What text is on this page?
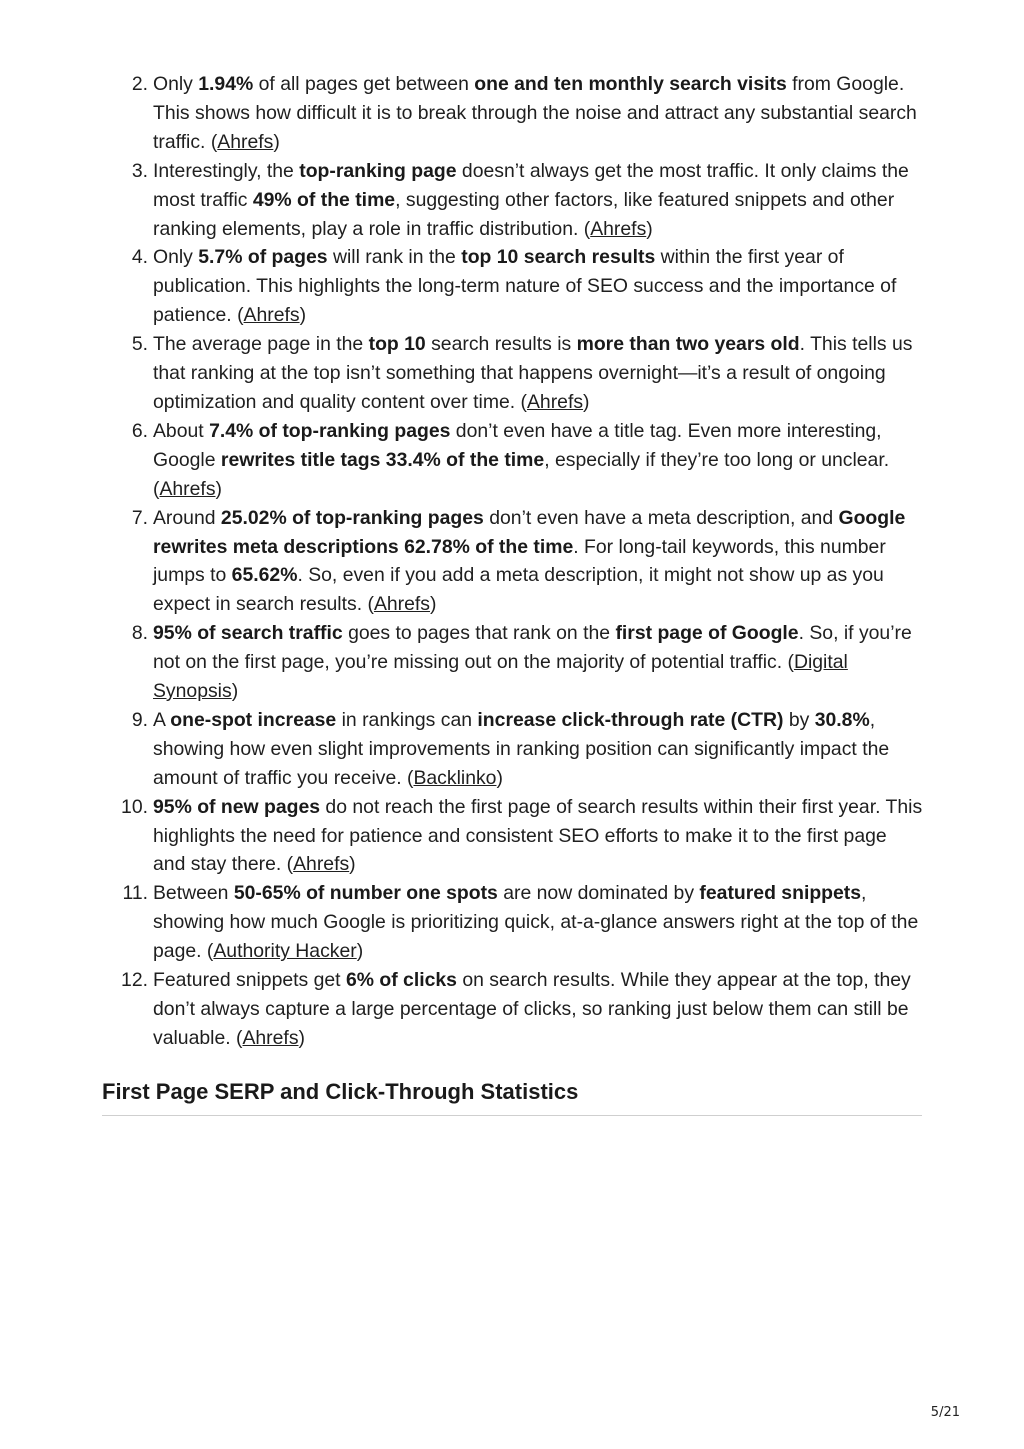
2. Only 1.94% of all pages get between one and ten monthly search visits from Google. This shows how difficult it is to break through the noise and attract any substantial search traffic. (Ahrefs)
3. Interestingly, the top-ranking page doesn’t always get the most traffic. It only claims the most traffic 49% of the time, suggesting other factors, like featured snippets and other ranking elements, play a role in traffic distribution. (Ahrefs)
4. Only 5.7% of pages will rank in the top 10 search results within the first year of publication. This highlights the long-term nature of SEO success and the importance of patience. (Ahrefs)
5. The average page in the top 10 search results is more than two years old. This tells us that ranking at the top isn’t something that happens overnight—it’s a result of ongoing optimization and quality content over time. (Ahrefs)
6. About 7.4% of top-ranking pages don’t even have a title tag. Even more interesting, Google rewrites title tags 33.4% of the time, especially if they’re too long or unclear. (Ahrefs)
7. Around 25.02% of top-ranking pages don’t even have a meta description, and Google rewrites meta descriptions 62.78% of the time. For long-tail keywords, this number jumps to 65.62%. So, even if you add a meta description, it might not show up as you expect in search results. (Ahrefs)
8. 95% of search traffic goes to pages that rank on the first page of Google. So, if you’re not on the first page, you’re missing out on the majority of potential traffic. (Digital Synopsis)
9. A one-spot increase in rankings can increase click-through rate (CTR) by 30.8%, showing how even slight improvements in ranking position can significantly impact the amount of traffic you receive. (Backlinko)
10. 95% of new pages do not reach the first page of search results within their first year. This highlights the need for patience and consistent SEO efforts to make it to the first page and stay there. (Ahrefs)
11. Between 50-65% of number one spots are now dominated by featured snippets, showing how much Google is prioritizing quick, at-a-glance answers right at the top of the page. (Authority Hacker)
12. Featured snippets get 6% of clicks on search results. While they appear at the top, they don’t always capture a large percentage of clicks, so ranking just below them can still be valuable. (Ahrefs)
First Page SERP and Click-Through Statistics
5/21
